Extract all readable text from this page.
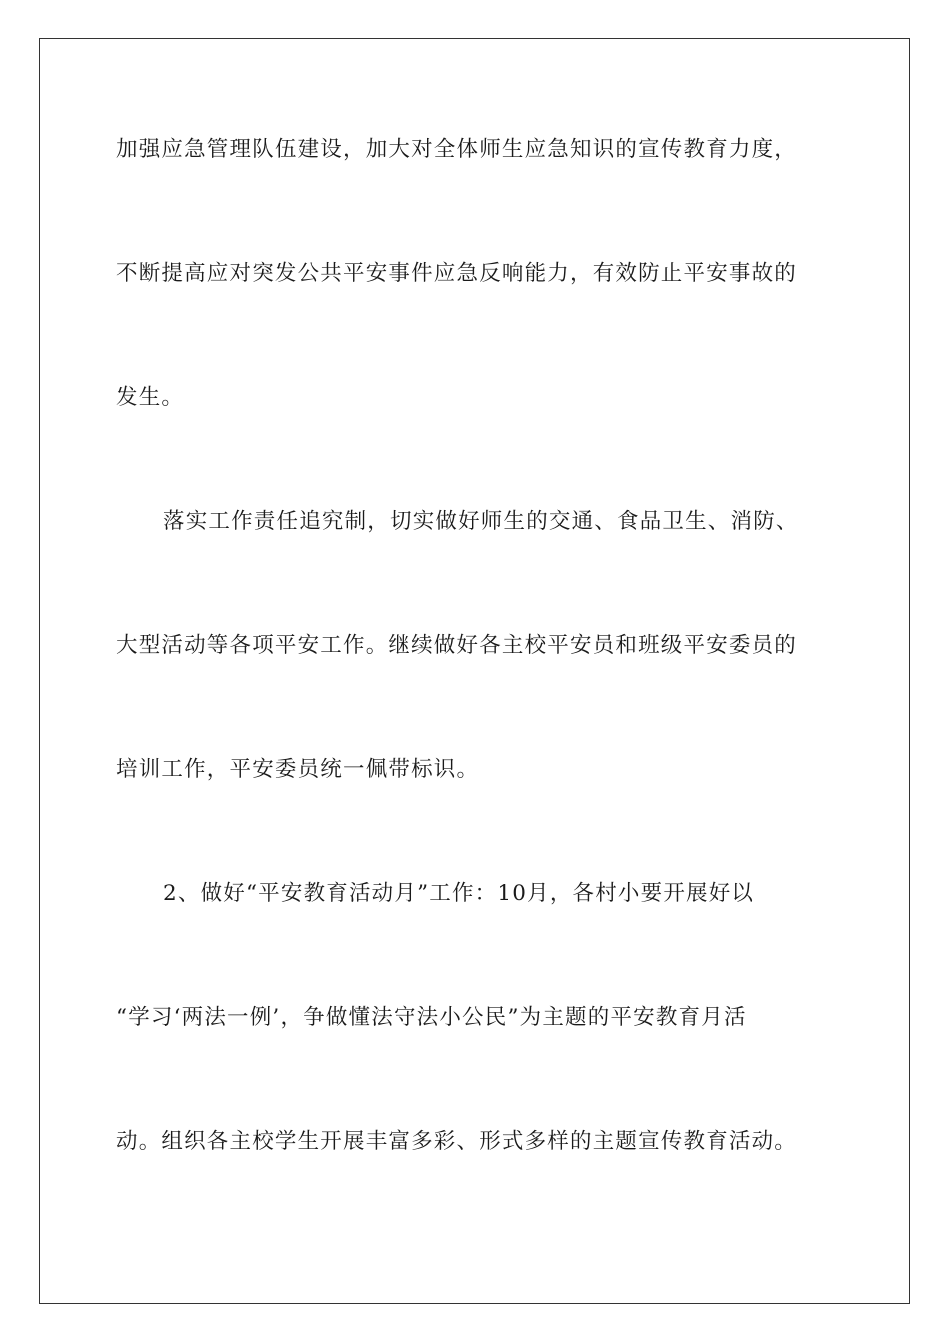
加强应急管理队伍建设，加大对全体师生应急知识的宣传教育力度，
不断提高应对突发公共平安事件应急反响能力，有效防止平安事故的
发生。
落实工作责任追究制，切实做好师生的交通、食品卫生、消防、
大型活动等各项平安工作。继续做好各主校平安员和班级平安委员的
培训工作，平安委员统一佩带标识。
2、做好“平安教育活动月”工作：10月，各村小要开展好以
“学习‘两法一例’，争做懂法守法小公民”为主题的平安教育月活
动。组织各主校学生开展丰富多彩、形式多样的主题宣传教育活动。
